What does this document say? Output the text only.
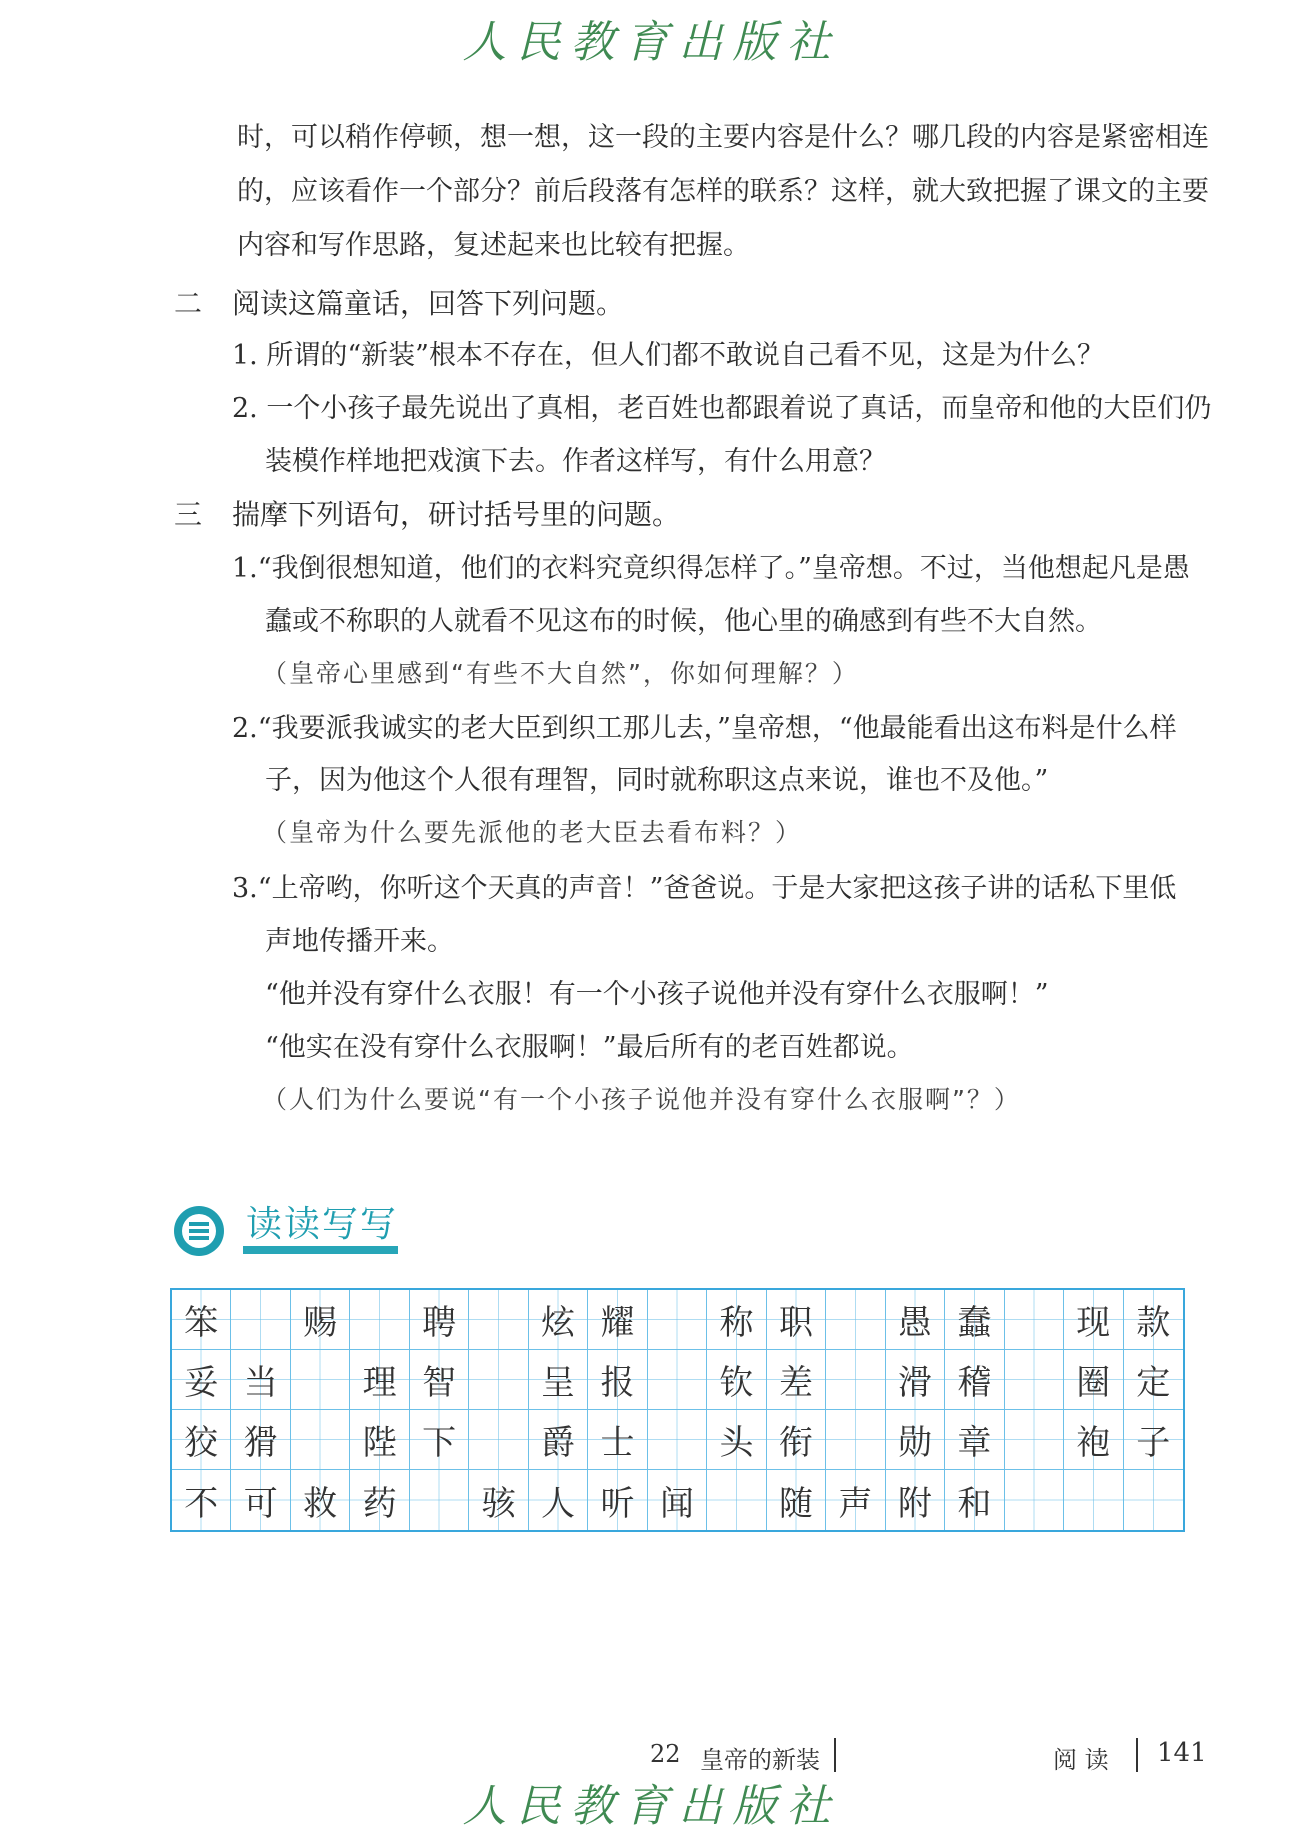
人民教育出版社
时，可以稍作停顿，想一想，这一段的主要内容是什么？哪几段的内容是紧密相连
的，应该看作一个部分？前后段落有怎样的联系？这样，就大致把握了课文的主要
内容和写作思路，复述起来也比较有把握。
二 阅读这篇童话，回答下列问题。
1. 所谓的“新装”根本不存在，但人们都不敢说自己看不见，这是为什么？
2. 一个小孩子最先说出了真相，老百姓也都跟着说了真话，而皇帝和他的大臣们仍
装模作样地把戏演下去。作者这样写，有什么用意？
三 揣摩下列语句，研讨括号里的问题。
1.“我倒很想知道，他们的衣料究竟织得怎样了。”皇帝想。不过，当他想起凡是愚
蠢或不称职的人就看不见这布的时候，他心里的确感到有些不大自然。
（皇帝心里感到“有些不大自然”，你如何理解？）
2.“我要派我诚实的老大臣到织工那儿去，”皇帝想，“他最能看出这布料是什么样
子，因为他这个人很有理智，同时就称职这点来说，谁也不及他。”
（皇帝为什么要先派他的老大臣去看布料？）
3.“上帝哟，你听这个天真的声音！”爸爸说。于是大家把这孩子讲的话私下里低
声地传播开来。
“他并没有穿什么衣服！有一个小孩子说他并没有穿什么衣服啊！”
“他实在没有穿什么衣服啊！”最后所有的老百姓都说。
（人们为什么要说“有一个小孩子说他并没有穿什么衣服啊”？）
读读写写
笨	赐	聘	炫 耀	称 职	愚 蠢	现 款
妥 当	理 智	呈 报	钦 差	滑 稽	圈 定
狡 猾	陛 下	爵 士	头 衔	勋 章	袍 子
不 可 救 药	骇 人 听 闻	随 声 附 和
22 皇帝的新装	阅 读 141
人民教育出版社
